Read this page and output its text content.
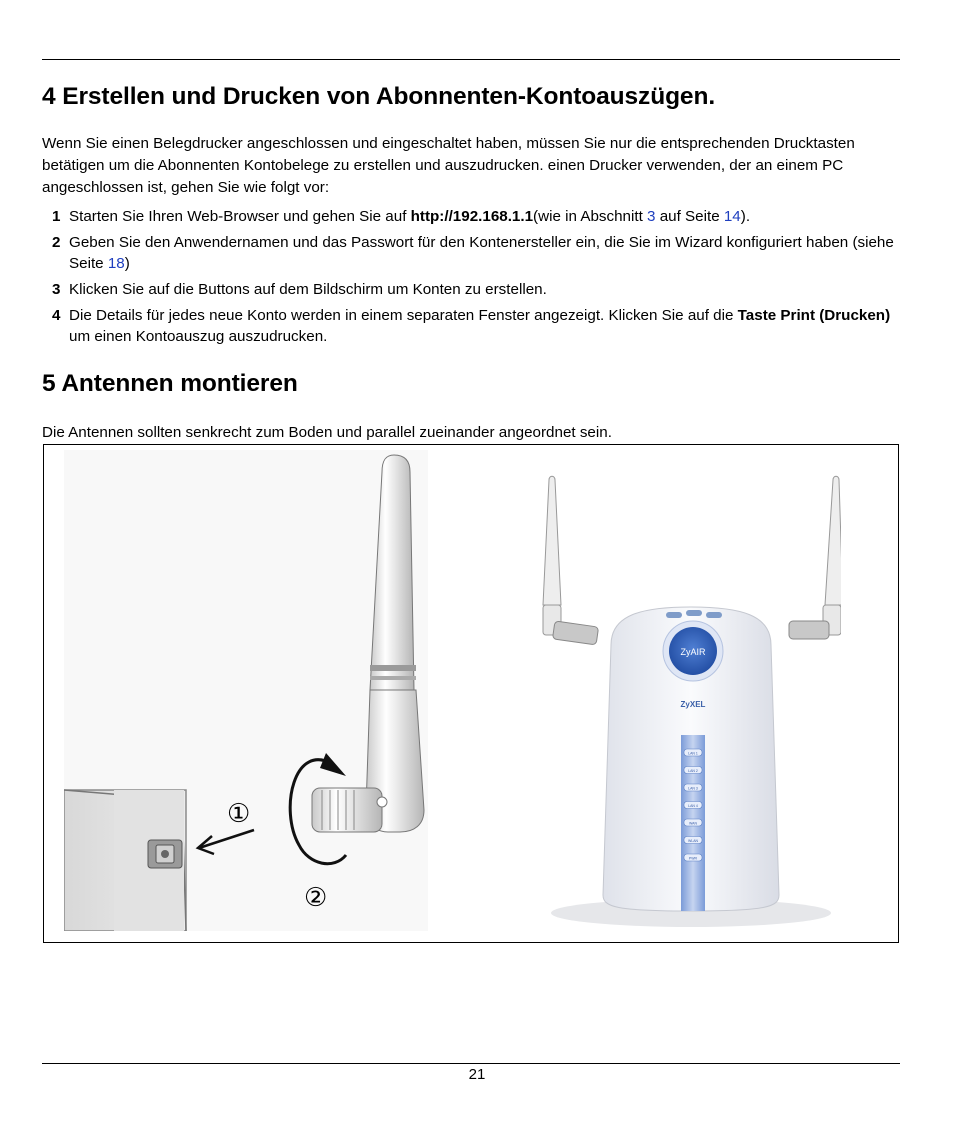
4 Erstellen und Drucken von Abonnenten-Kontoauszügen.

Wenn Sie einen Belegdrucker angeschlossen und eingeschaltet haben, müssen Sie nur die entsprechenden Drucktasten betätigen um die Abonnenten Kontobelege zu erstellen und auszudrucken. einen Drucker verwenden, der an einem PC angeschlossen ist, gehen Sie wie folgt vor:

1 Starten Sie Ihren Web-Browser und gehen Sie auf http://192.168.1.1(wie in Abschnitt 3 auf Seite 14).
2 Geben Sie den Anwendernamen und das Passwort für den Kontenersteller ein, die Sie im Wizard konfiguriert haben (siehe Seite 18)
3 Klicken Sie auf die Buttons auf dem Bildschirm um Konten zu erstellen.
4 Die Details für jedes neue Konto werden in einem separaten Fenster angezeigt. Klicken Sie auf die Taste Print (Drucken) um einen Kontoauszug auszudrucken.
5 Antennen montieren

Die Antennen sollten senkrecht zum Boden und parallel zueinander angeordnet sein.

①
②
ZyAIR
ZyXEL
LAN 1
LAN 2
LAN 3
LAN 4
WAN
WLAN
PWR
21
